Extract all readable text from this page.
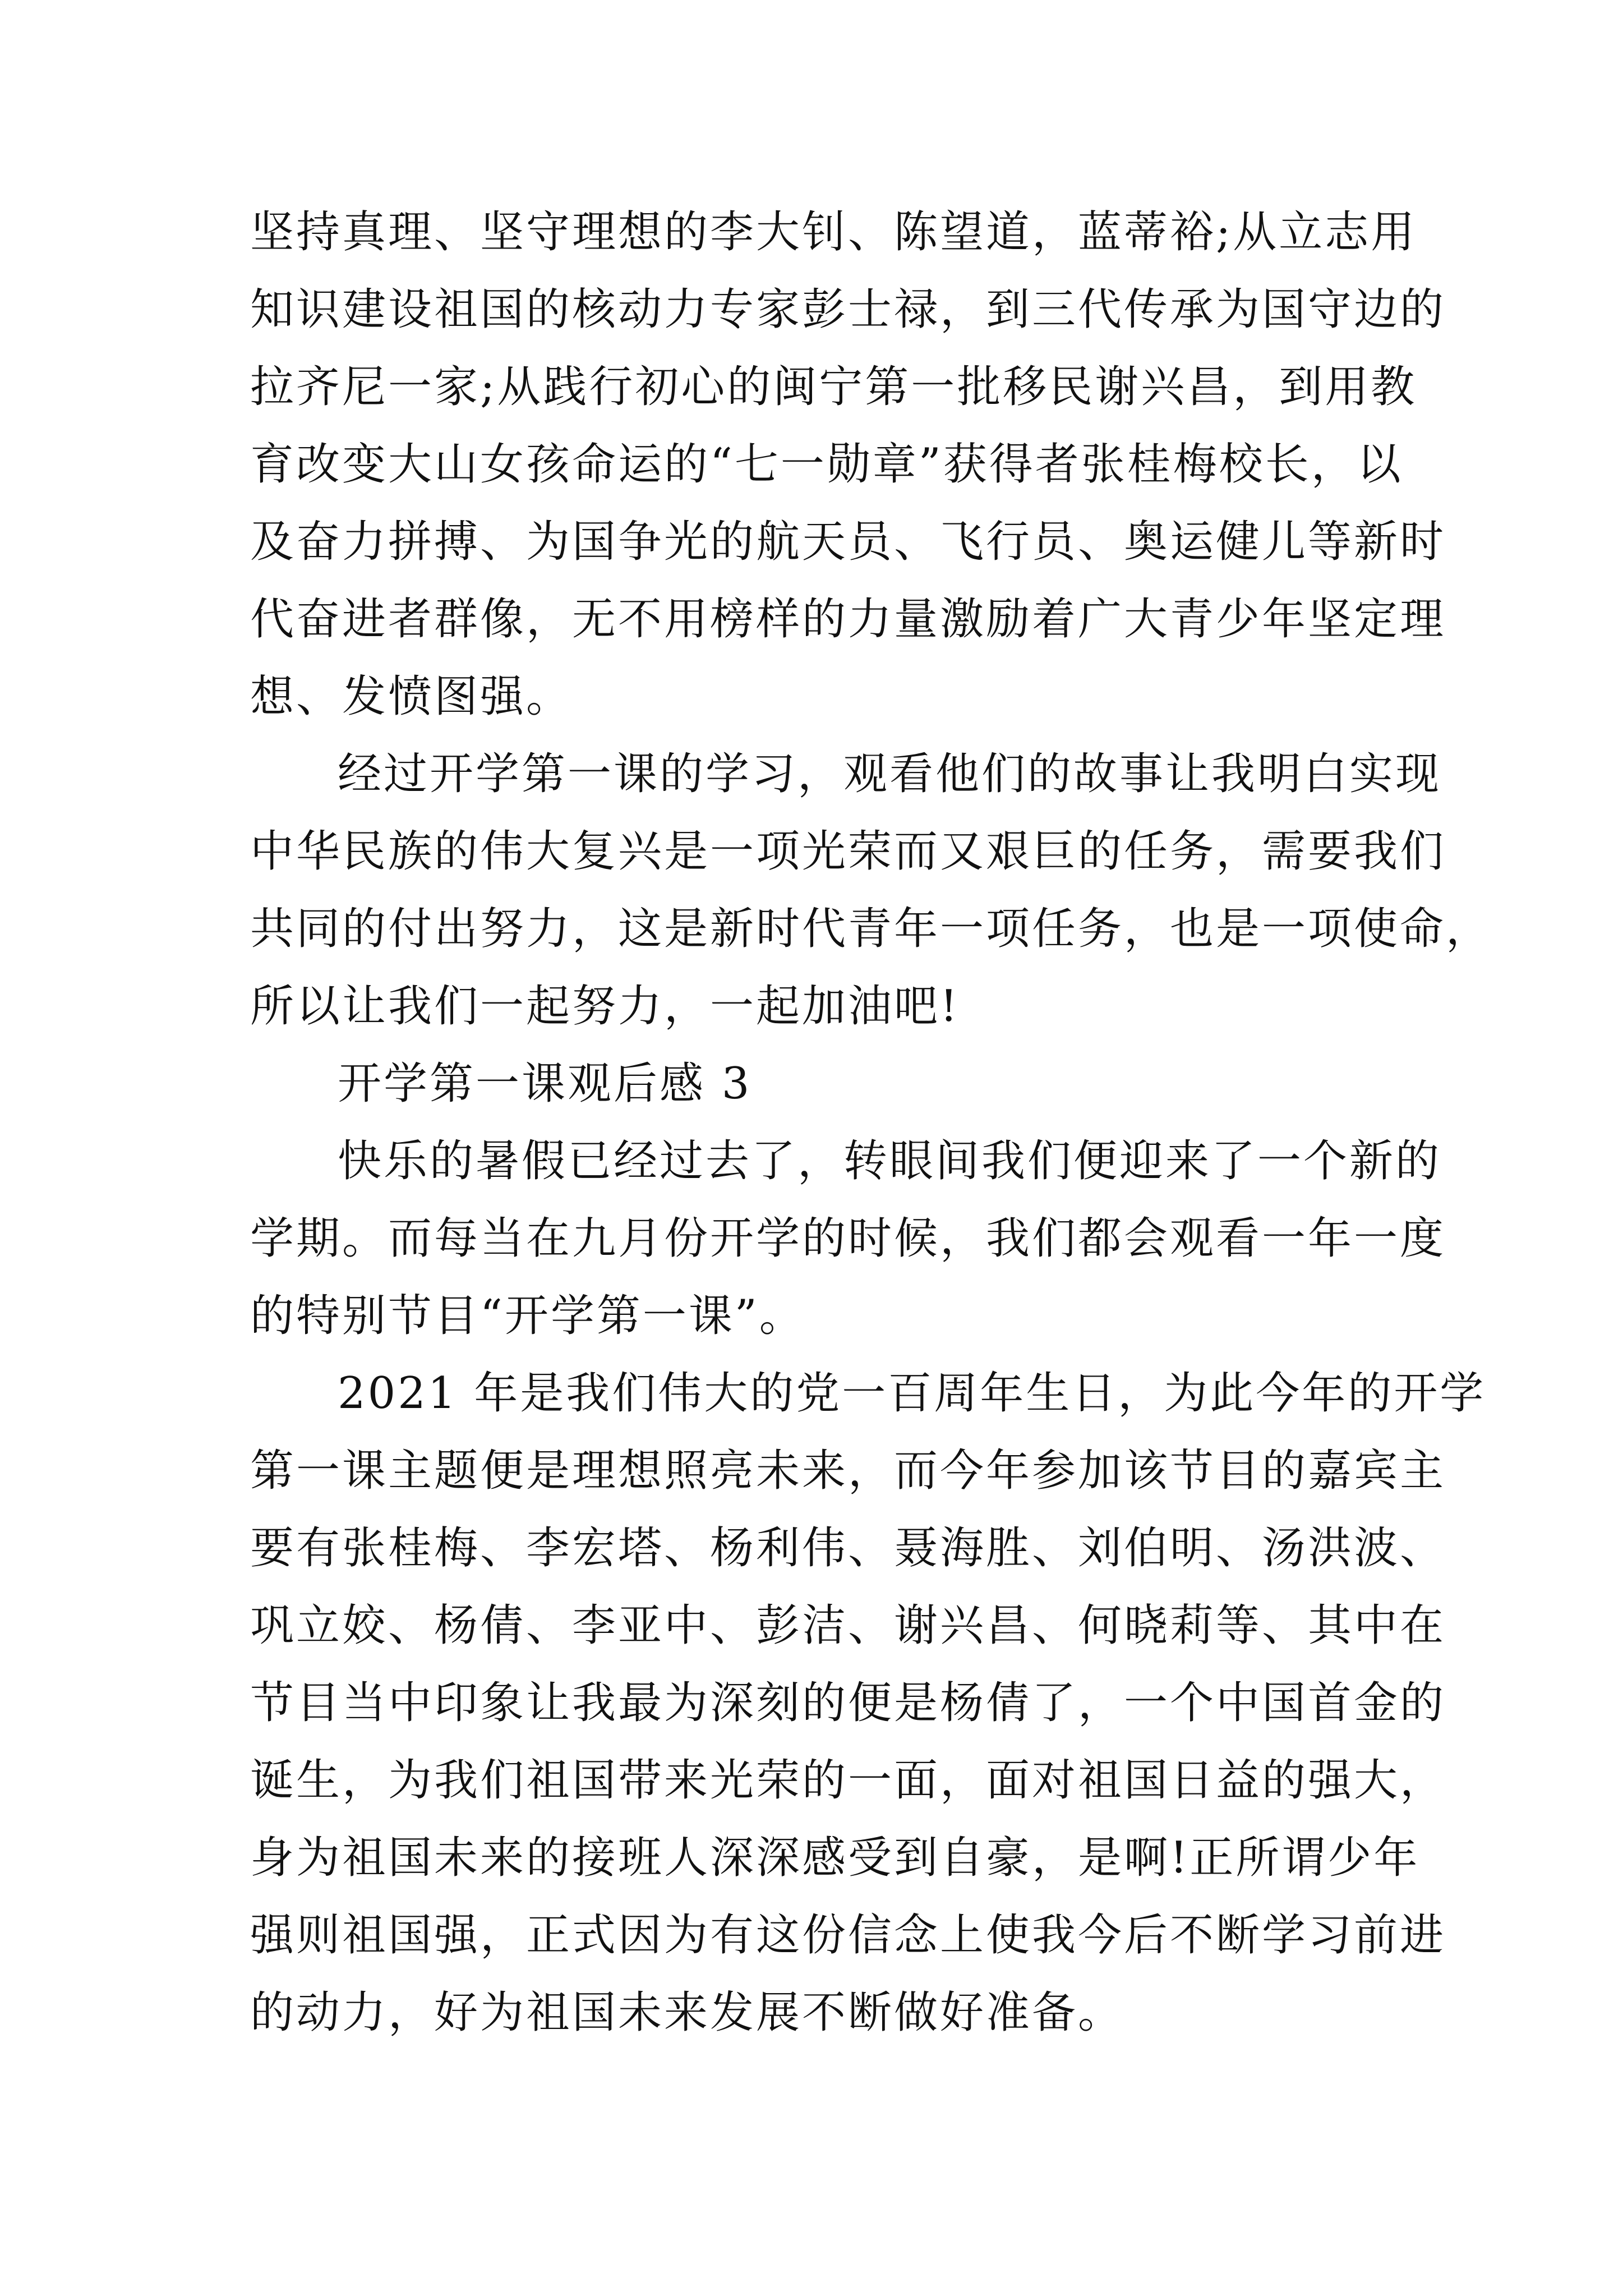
坚持真理、坚守理想的李大钊、陈望道，蓝蒂裕;从立志用
知识建设祖国的核动力专家彭士禄，到三代传承为国守边的
拉齐尼一家;从践行初心的闽宁第一批移民谢兴昌，到用教
育改变大山女孩命运的“七一勋章”获得者张桂梅校长，以
及奋力拼搏、为国争光的航天员、飞行员、奥运健儿等新时
代奋进者群像，无不用榜样的力量激励着广大青少年坚定理
想、发愤图强。
经过开学第一课的学习，观看他们的故事让我明白实现
中华民族的伟大复兴是一项光荣而又艰巨的任务，需要我们
共同的付出努力，这是新时代青年一项任务，也是一项使命，
所以让我们一起努力，一起加油吧!
开学第一课观后感 3
快乐的暑假已经过去了，转眼间我们便迎来了一个新的
学期。而每当在九月份开学的时候，我们都会观看一年一度
的特别节目“开学第一课”。
2021 年是我们伟大的党一百周年生日，为此今年的开学
第一课主题便是理想照亮未来，而今年参加该节目的嘉宾主
要有张桂梅、李宏塔、杨利伟、聂海胜、刘伯明、汤洪波、
巩立姣、杨倩、李亚中、彭洁、谢兴昌、何晓莉等、其中在
节目当中印象让我最为深刻的便是杨倩了，一个中国首金的
诞生，为我们祖国带来光荣的一面，面对祖国日益的强大，
身为祖国未来的接班人深深感受到自豪，是啊!正所谓少年
强则祖国强，正式因为有这份信念上使我今后不断学习前进
的动力，好为祖国未来发展不断做好准备。
